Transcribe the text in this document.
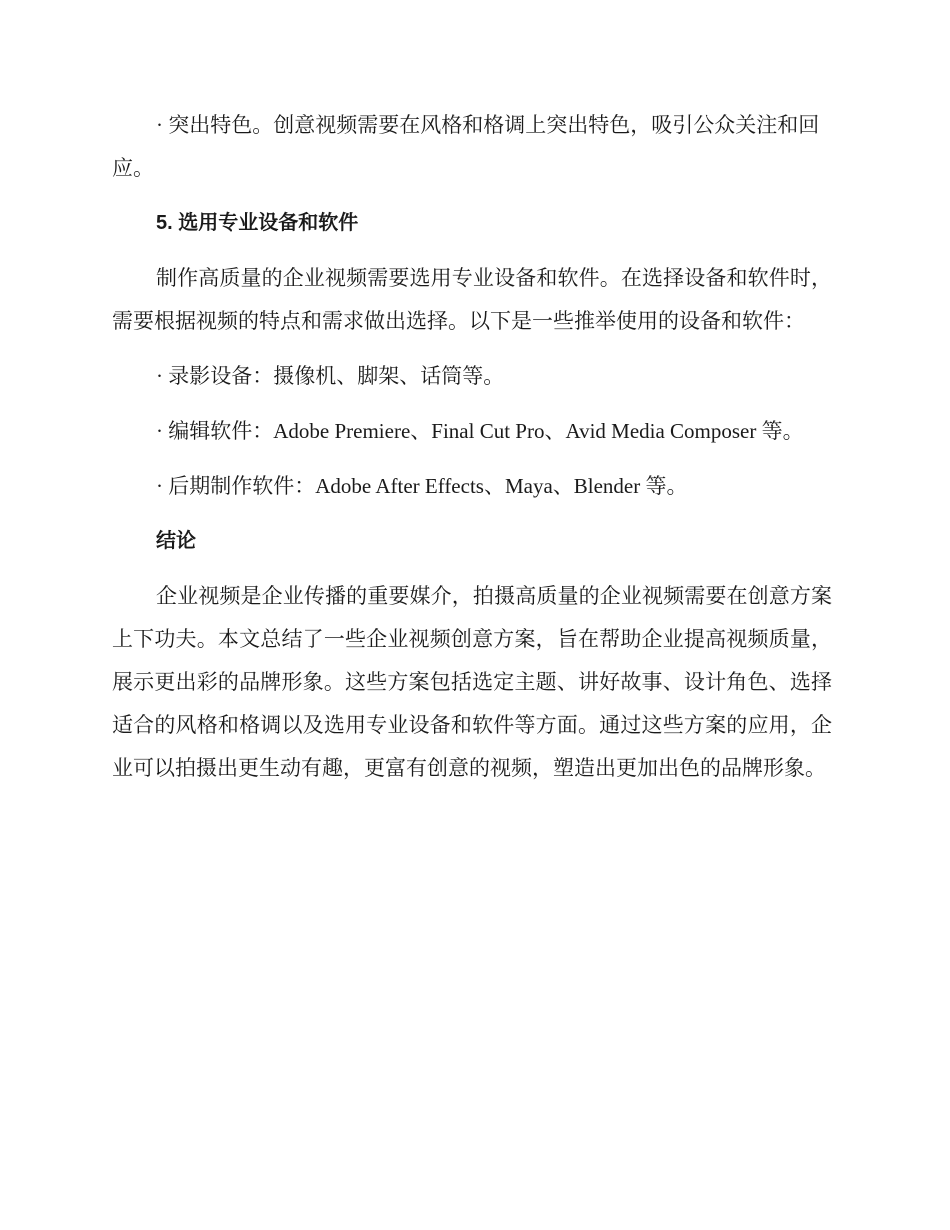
· 突出特色。创意视频需要在风格和格调上突出特色，吸引公众关注和回应。

5. 选用专业设备和软件

制作高质量的企业视频需要选用专业设备和软件。在选择设备和软件时，需要根据视频的特点和需求做出选择。以下是一些推举使用的设备和软件：

· 录影设备：摄像机、脚架、话筒等。

· 编辑软件：Adobe Premiere、Final Cut Pro、Avid Media Composer 等。

· 后期制作软件：Adobe After Effects、Maya、Blender 等。

结论

企业视频是企业传播的重要媒介，拍摄高质量的企业视频需要在创意方案上下功夫。本文总结了一些企业视频创意方案，旨在帮助企业提高视频质量，展示更出彩的品牌形象。这些方案包括选定主题、讲好故事、设计角色、选择适合的风格和格调以及选用专业设备和软件等方面。通过这些方案的应用，企业可以拍摄出更生动有趣，更富有创意的视频，塑造出更加出色的品牌形象。
